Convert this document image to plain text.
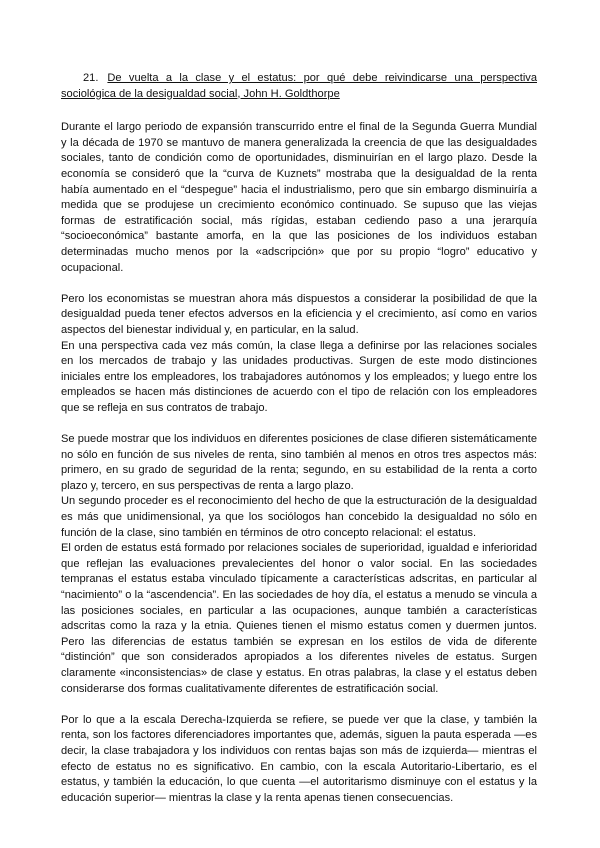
21. De vuelta a la clase y el estatus: por qué debe reivindicarse una perspectiva sociológica de la desigualdad social, John H. Goldthorpe

Durante el largo periodo de expansión transcurrido entre el final de la Segunda Guerra Mundial y la década de 1970 se mantuvo de manera generalizada la creencia de que las desigualdades sociales, tanto de condición como de oportunidades, disminuirían en el largo plazo. Desde la economía se consideró que la “curva de Kuznets” mostraba que la desigualdad de la renta había aumentado en el “despegue” hacia el industrialismo, pero que sin embargo disminuiría a medida que se produjese un crecimiento económico continuado. Se supuso que las viejas formas de estratificación social, más rígidas, estaban cediendo paso a una jerarquía “socioeconómica” bastante amorfa, en la que las posiciones de los individuos estaban determinadas mucho menos por la «adscripción» que por su propio “logro” educativo y ocupacional.

Pero los economistas se muestran ahora más dispuestos a considerar la posibilidad de que la desigualdad pueda tener efectos adversos en la eficiencia y el crecimiento, así como en varios aspectos del bienestar individual y, en particular, en la salud.

En una perspectiva cada vez más común, la clase llega a definirse por las relaciones sociales en los mercados de trabajo y las unidades productivas. Surgen de este modo distinciones iniciales entre los empleadores, los trabajadores autónomos y los empleados; y luego entre los empleados se hacen más distinciones de acuerdo con el tipo de relación con los empleadores que se refleja en sus contratos de trabajo.

Se puede mostrar que los individuos en diferentes posiciones de clase difieren sistemáticamente no sólo en función de sus niveles de renta, sino también al menos en otros tres aspectos más: primero, en su grado de seguridad de la renta; segundo, en su estabilidad de la renta a corto plazo y, tercero, en sus perspectivas de renta a largo plazo.

Un segundo proceder es el reconocimiento del hecho de que la estructuración de la desigualdad es más que unidimensional, ya que los sociólogos han concebido la desigualdad no sólo en función de la clase, sino también en términos de otro concepto relacional: el estatus.

El orden de estatus está formado por relaciones sociales de superioridad, igualdad e inferioridad que reflejan las evaluaciones prevalecientes del honor o valor social. En las sociedades tempranas el estatus estaba vinculado típicamente a características adscritas, en particular al “nacimiento” o la “ascendencia”. En las sociedades de hoy día, el estatus a menudo se vincula a las posiciones sociales, en particular a las ocupaciones, aunque también a características adscritas como la raza y la etnia. Quienes tienen el mismo estatus comen y duermen juntos. Pero las diferencias de estatus también se expresan en los estilos de vida de diferente “distinción” que son considerados apropiados a los diferentes niveles de estatus. Surgen claramente «inconsistencias» de clase y estatus. En otras palabras, la clase y el estatus deben considerarse dos formas cualitativamente diferentes de estratificación social.

Por lo que a la escala Derecha-Izquierda se refiere, se puede ver que la clase, y también la renta, son los factores diferenciadores importantes que, además, siguen la pauta esperada —es decir, la clase trabajadora y los individuos con rentas bajas son más de izquierda— mientras el efecto de estatus no es significativo. En cambio, con la escala Autoritario-Libertario, es el estatus, y también la educación, lo que cuenta —el autoritarismo disminuye con el estatus y la educación superior— mientras la clase y la renta apenas tienen consecuencias.
